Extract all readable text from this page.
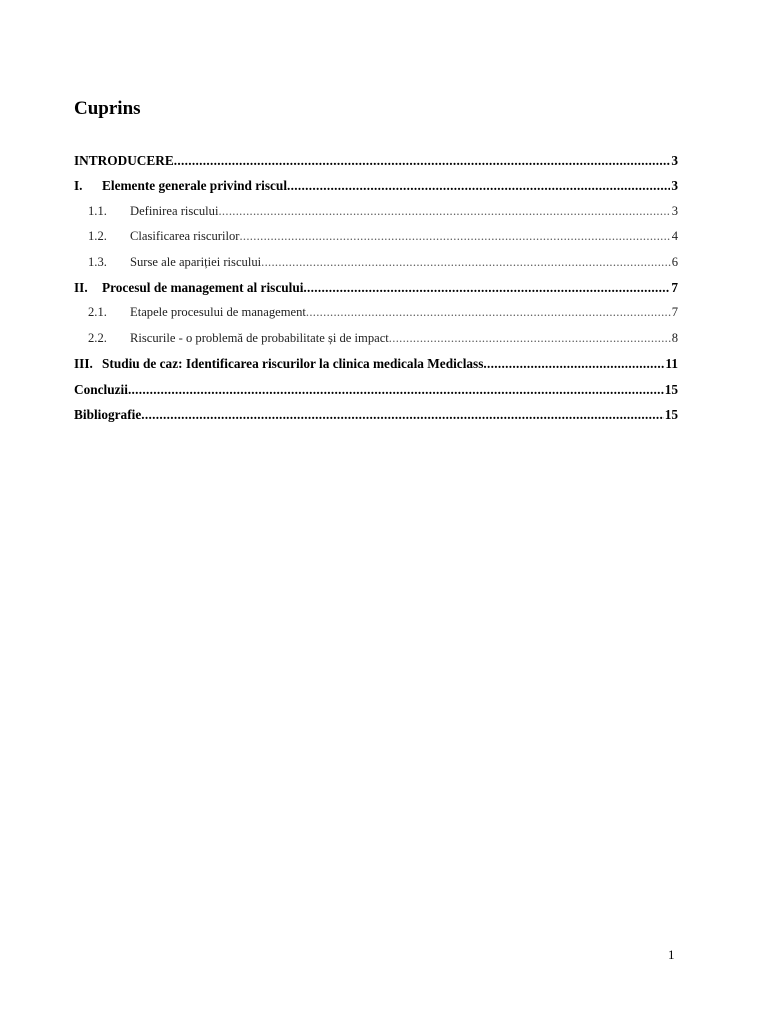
Cuprins
INTRODUCERE .....	3
I.	Elemente generale privind riscul .....	3
1.1.	Definirea riscului .....	3
1.2.	Clasificarea riscurilor .....	4
1.3.	Surse ale apariției riscului .....	6
II.	Procesul de management al riscului .....	7
2.1.	Etapele procesului de management .....	7
2.2.	Riscurile - o problemă de probabilitate și de impact .....	8
III. Studiu de caz: Identificarea riscurilor la clinica medicala Mediclass .....	11
Concluzii .....	15
Bibliografie .....	15
1
